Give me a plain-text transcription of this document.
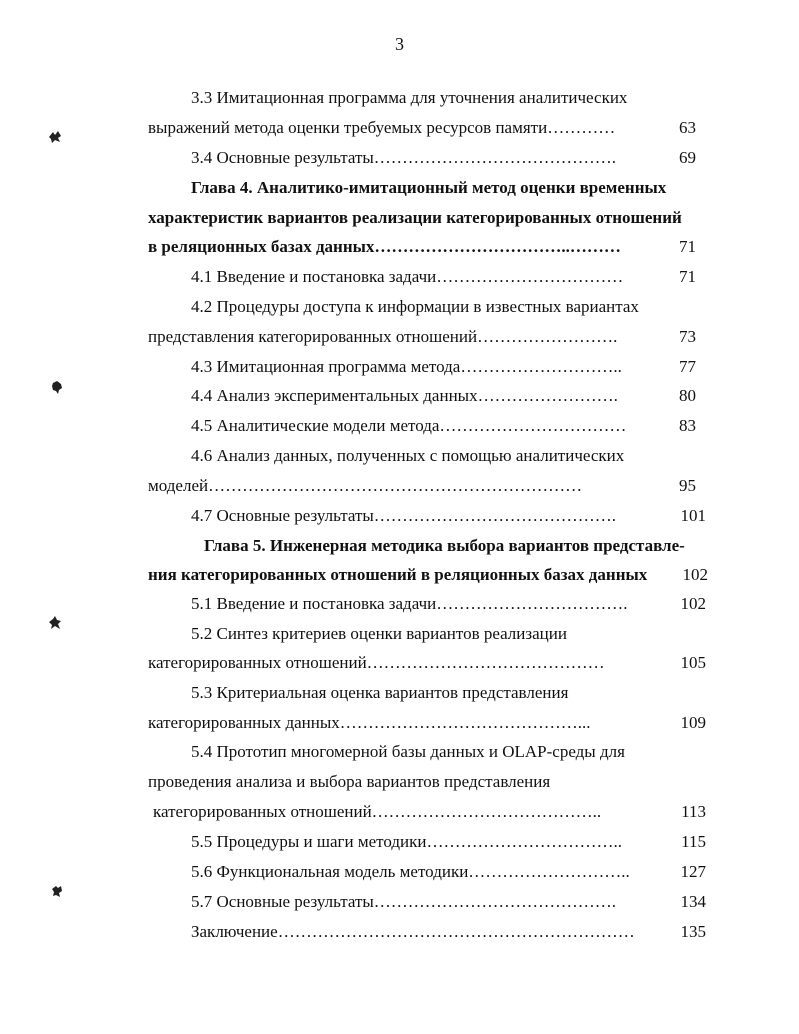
3
3.3 Имитационная программа для уточнения аналитических
выражений метода оценки требуемых ресурсов памяти…………	63
3.4 Основные результаты…………………………………….	69
Глава 4. Аналитико-имитационный метод оценки временных
характеристик вариантов реализации категорированных отношений
в реляционных базах данных……………………………..………	71
4.1 Введение и постановка задачи……………………………	71
4.2 Процедуры доступа к информации в известных вариантах
представления категорированных отношений…………………….	73
4.3 Имитационная программа метода………………………..	77
4.4 Анализ экспериментальных данных…………………….	80
4.5 Аналитические модели метода……………………………	83
4.6 Анализ данных, полученных с помощью аналитических
моделей…………………………………………………………	95
4.7 Основные результаты…………………………………….	101
Глава 5. Инженерная методика выбора вариантов представле-
ния категорированных отношений в реляционных базах данных	102
5.1 Введение и постановка задачи…………………………….	102
5.2 Синтез критериев оценки вариантов реализации
категорированных отношений……………………………………	105
5.3 Критериальная оценка вариантов представления
категорированных данных……………………………………...	109
5.4 Прототип многомерной базы данных и OLAP-среды для
проведения анализа и выбора вариантов представления
категорированных отношений…………………………………..	113
5.5 Процедуры и шаги методики……………………………..	115
5.6 Функциональная модель методики………………………..	127
5.7 Основные результаты…………………………………….	134
Заключение………………………………………………………	135
